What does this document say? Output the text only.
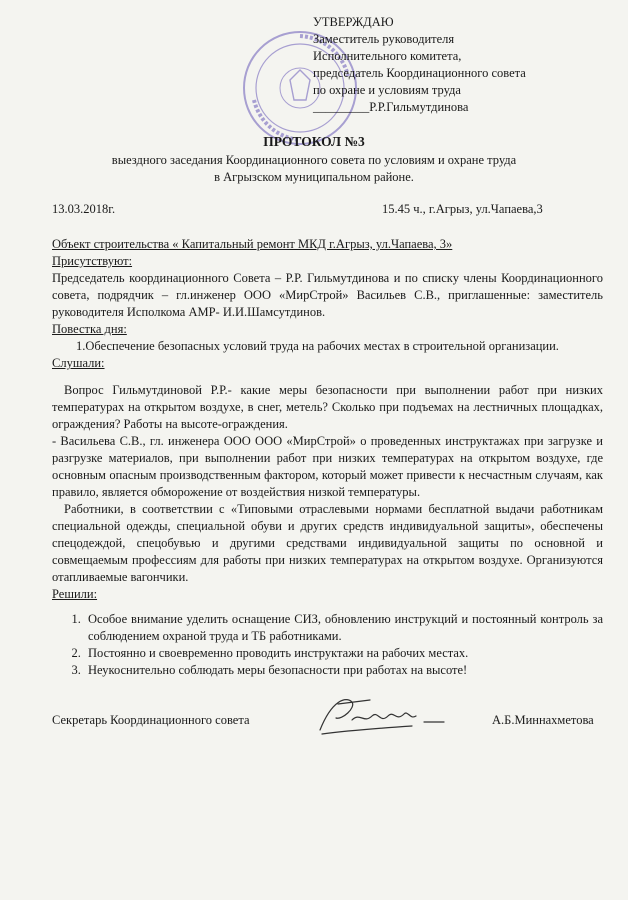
УТВЕРЖДАЮ
Заместитель руководителя
Исполнительного комитета,
председатель Координационного совета
по охране и условиям труда
_________Р.Р.Гильмутдинова
ПРОТОКОЛ №3
выездного заседания Координационного совета по условиям и охране труда
в Агрызском муниципальном районе.
13.03.2018г.	15.45 ч., г.Агрыз, ул.Чапаева,3
Объект строительства « Капитальный ремонт МКД г.Агрыз, ул.Чапаева, 3»
Присутствуют:
Председатель координационного Совета – Р.Р. Гильмутдинова и по списку члены Координационного совета, подрядчик – гл.инженер ООО «МирСтрой» Васильев С.В., приглашенные: заместитель руководителя Исполкома АМР- И.И.Шамсутдинов.
Повестка дня:
1.Обеспечение безопасных условий труда на рабочих местах в строительной организации.
Слушали:
Вопрос Гильмутдиновой Р.Р.- какие меры безопасности при выполнении работ при низких температурах на открытом воздухе, в снег, метель? Сколько при подъемах на лестничных площадках, ограждения? Работы на высоте-ограждения.
- Васильева С.В., гл. инженера ООО ООО «МирСтрой» о проведенных инструктажах при загрузке и разгрузке материалов, при выполнении работ при низких температурах на открытом воздухе, где основным опасным производственным фактором, который может привести к несчастным случаям, как правило, является обморожение от воздействия низкой температуры.
Работники, в соответствии с «Типовыми отраслевыми нормами бесплатной выдачи работникам специальной одежды, специальной обуви и других средств индивидуальной защиты», обеспечены спецодеждой, спецобувью и другими средствами индивидуальной защиты по основной и совмещаемым профессиям для работы при низких температурах на открытом воздухе. Организуются отапливаемые вагончики.
Решили:
1. Особое внимание уделить оснащение СИЗ, обновлению инструкций и постоянный контроль за соблюдением охраной труда и ТБ работниками.
2. Постоянно и своевременно проводить инструктажи на рабочих местах.
3. Неукоснительно соблюдать меры безопасности при работах на высоте!
Секретарь Координационного совета	А.Б.Миннахметова
